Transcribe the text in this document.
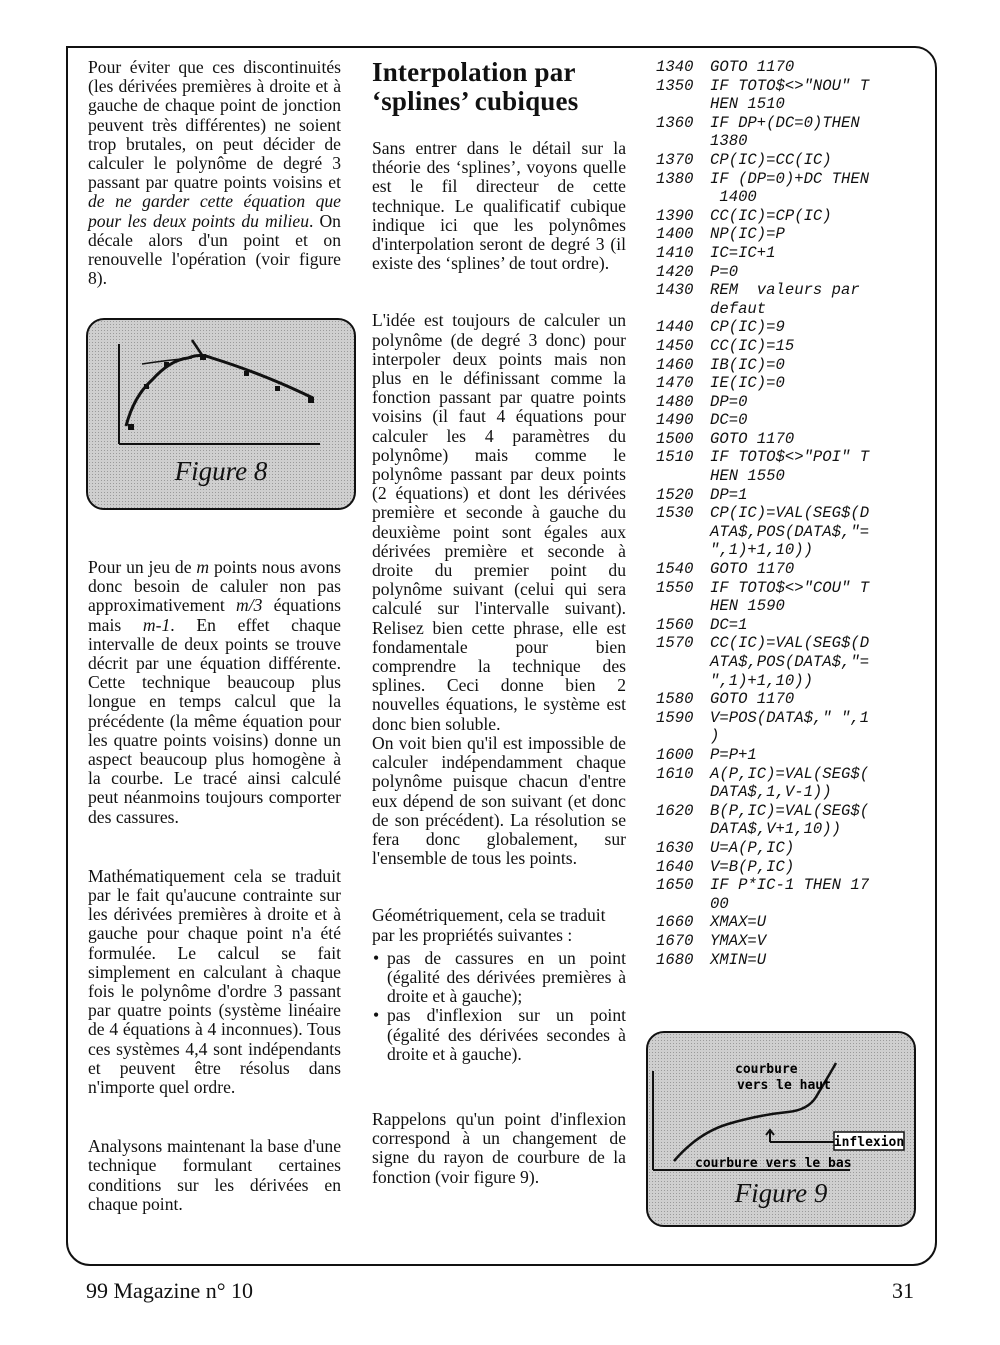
Pour éviter que ces discontinuités (les dérivées premières à droite et à gauche de chaque point de jonction peuvent très différentes) ne soient trop brutales, on peut décider de calculer le polynôme de degré 3 passant par quatre points voisins et de ne garder cette équation que pour les deux points du milieu. On décale alors d'un point et on renouvelle l'opération (voir figure 8).

Figure 8

Pour un jeu de m points nous avons donc besoin de caluler non pas approximativement m/3 équations mais m-1. En effet chaque intervalle de deux points se trouve décrit par une équation différente. Cette technique beaucoup plus longue en temps calcul que la précédente (la même équation pour les quatre points voisins) donne un aspect beaucoup plus homogène à la courbe. Le tracé ainsi calculé peut néanmoins toujours comporter des cassures.

Mathématiquement cela se traduit par le fait qu'aucune contrainte sur les dérivées premières à droite et à gauche pour chaque point n'a été formulée. Le calcul se fait simplement en calculant à chaque fois le polynôme d'ordre 3 passant par quatre points (système linéaire de 4 équations à 4 inconnues). Tous ces systèmes 4,4 sont indépendants et peuvent être résolus dans n'importe quel ordre.

Analysons maintenant la base d'une technique formulant certaines conditions sur les dérivées en chaque point.

Interpolation par ‘splines’ cubiques

Sans entrer dans le détail sur la théorie des ‘splines’, voyons quelle est le fil directeur de cette technique. Le qualificatif cubique indique ici que les polynômes d'interpolation seront de degré 3 (il existe des ‘splines’ de tout ordre).

L'idée est toujours de calculer un polynôme (de degré 3 donc) pour interpoler deux points mais non plus en le définissant comme la fonction passant par quatre points voisins (il faut 4 équations pour calculer les 4 paramètres du polynôme) mais comme le polynôme passant par deux points (2 équations) et dont les dérivées première et seconde à gauche du deuxième point sont égales aux dérivées première et seconde à droite du premier point du polynôme suivant (celui qui sera calculé sur l'intervalle suivant). Relisez bien cette phrase, elle est fondamentale pour bien comprendre la technique des splines. Ceci donne bien 2 nouvelles équations, le système est donc bien soluble.

On voit bien qu'il est impossible de calculer indépendamment chaque polynôme puisque chacun d'entre eux dépend de son suivant (et donc de son précédent). La résolution se fera donc globalement, sur l'ensemble de tous les points.

Géométriquement, cela se traduit par les propriétés suivantes :

• pas de cassures en un point (égalité des dérivées premières à droite et à gauche);
• pas d'inflexion sur un point (égalité des dérivées secondes à droite et à gauche).

Rappelons qu'un point d'inflexion correspond à un changement de signe du rayon de courbure de la fonction (voir figure 9).

1340	GOTO 1170
1350	IF TOTO$<>"NOU" T
HEN 1510
1360	IF DP+(DC=0)THEN
1380
1370	CP(IC)=CC(IC)
1380	IF (DP=0)+DC THEN
1400
1390	CC(IC)=CP(IC)
1400	NP(IC)=P
1410	IC=IC+1
1420	P=0
1430	REM  valeurs par
defaut
1440	CP(IC)=9
1450	CC(IC)=15
1460	IB(IC)=0
1470	IE(IC)=0
1480	DP=0
1490	DC=0
1500	GOTO 1170
1510	IF TOTO$<>"POI" T
HEN 1550
1520	DP=1
1530	CP(IC)=VAL(SEG$(D
ATA$,POS(DATA$,"=
",1)+1,10))
1540	GOTO 1170
1550	IF TOTO$<>"COU" T
HEN 1590
1560	DC=1
1570	CC(IC)=VAL(SEG$(D
ATA$,POS(DATA$,"=
",1)+1,10))
1580	GOTO 1170
1590	V=POS(DATA$," ",1
)
1600	P=P+1
1610	A(P,IC)=VAL(SEG$(
DATA$,1,V-1))
1620	B(P,IC)=VAL(SEG$(
DATA$,V+1,10))
1630	U=A(P,IC)
1640	V=B(P,IC)
1650	IF P*IC-1 THEN 17
00
1660	XMAX=U
1670	YMAX=V
1680	XMIN=U
inflexion
courbure
vers le haut
courbure vers le bas
Figure 9
99 Magazine n° 10	31
